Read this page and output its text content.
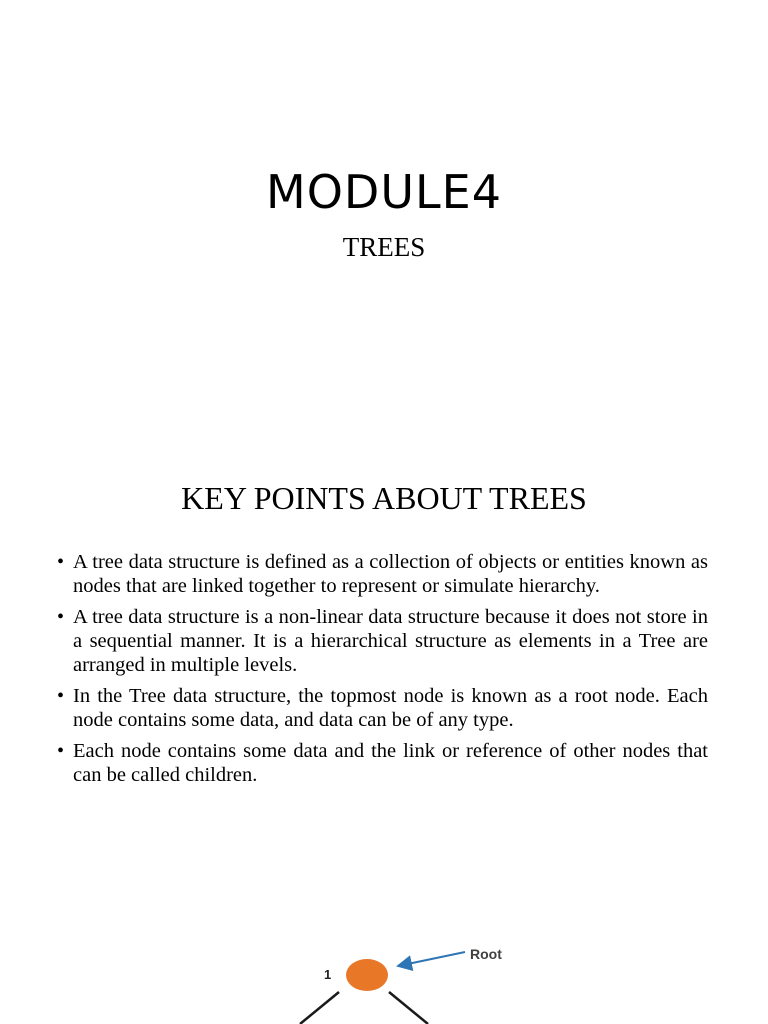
MODULE4
TREES
KEY POINTS ABOUT TREES
• A tree data structure is defined as a collection of objects or entities known as nodes that are linked together to represent or simulate hierarchy.
• A tree data structure is a non-linear data structure because it does not store in a sequential manner. It is a hierarchical structure as elements in a Tree are arranged in multiple levels.
• In the Tree data structure, the topmost node is known as a root node. Each node contains some data, and data can be of any type.
• Each node contains some data and the link or reference of other nodes that can be called children.
Root
1
